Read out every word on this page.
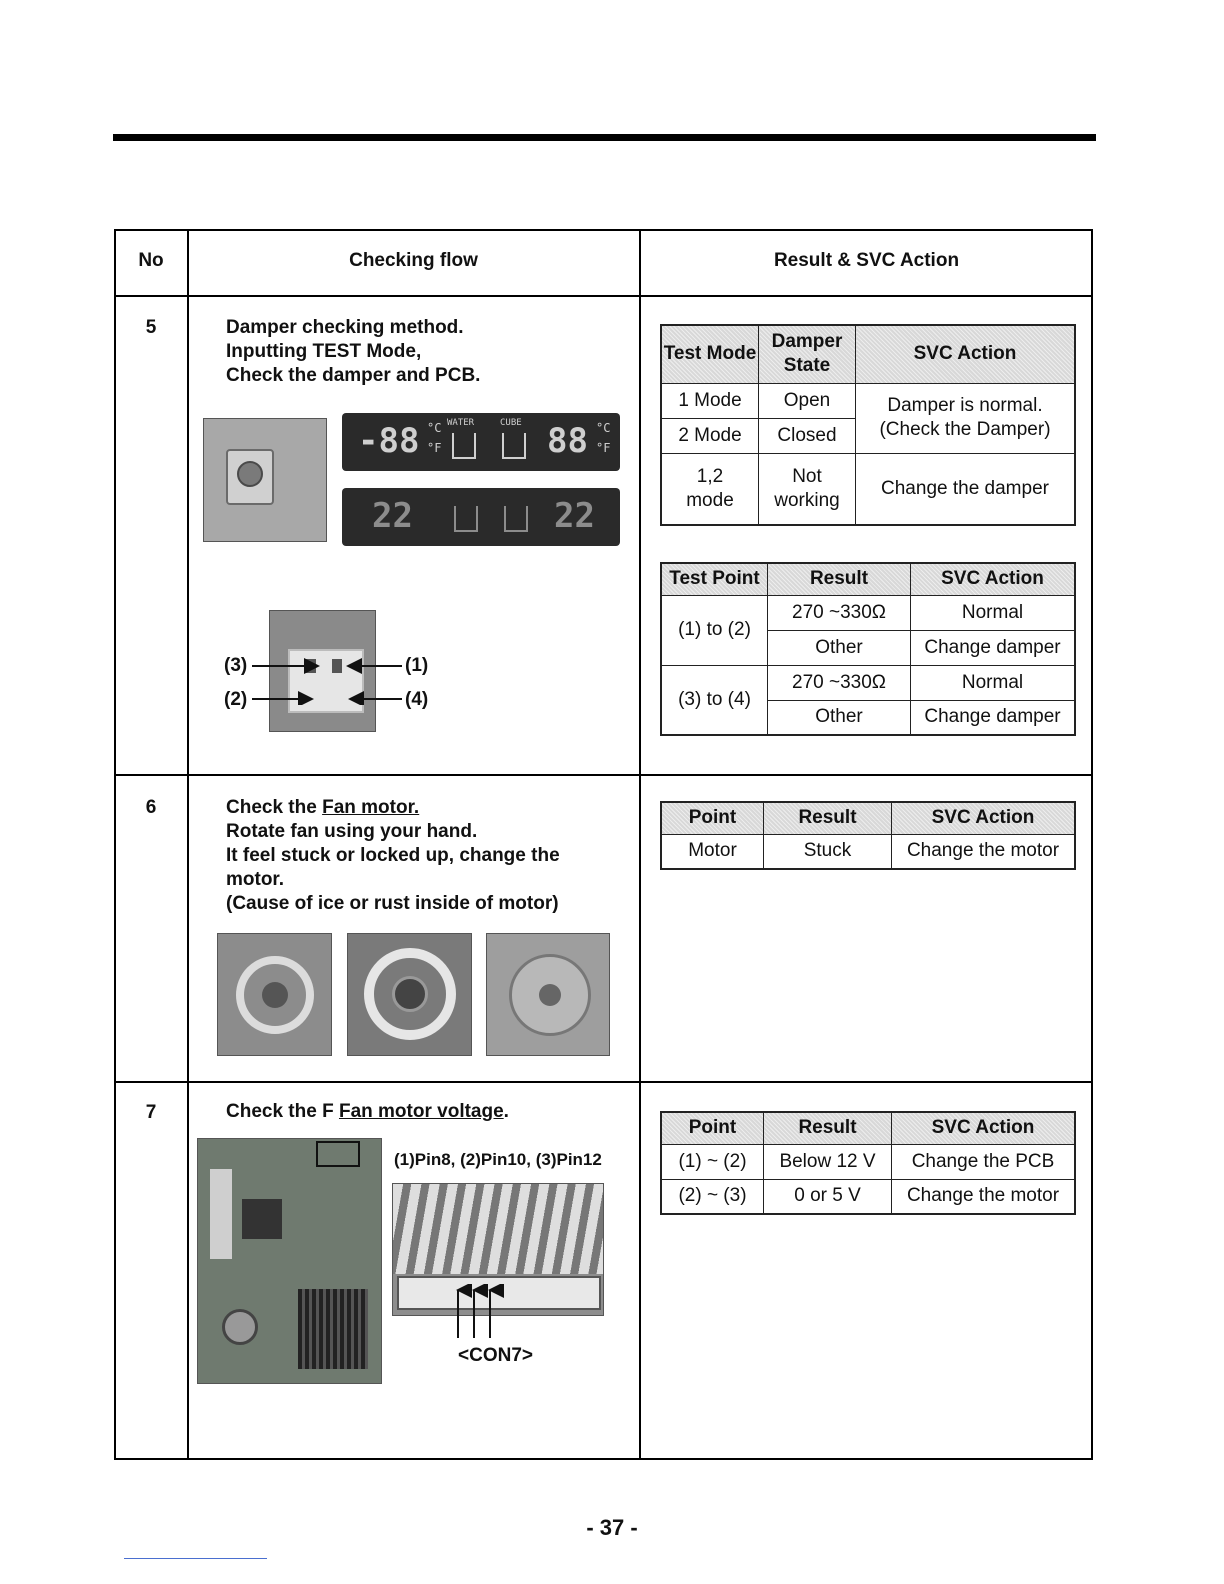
No	Checking flow	Result & SVC Action
5	Damper checking method.
Inputting TEST Mode,
Check the damper and PCB.
-88 °C
°F
WATER	CUBE 88 °C
°F
22	22
(3)	(1)
(2)	(4)
Test Mode	Damper State	SVC Action
1 Mode	Open	Damper is normal. (Check the Damper)
2 Mode	Closed	
1,2 mode	Not working	Change the damper
Test Point	Result	SVC Action
(1) to (2)	270 ~330Ω	Normal
	Other	Change damper
(3) to (4)	270 ~330Ω	Normal
	Other	Change damper
6	Check the Fan motor.
Rotate fan using your hand.
It feel stuck or locked up, change the
motor.
(Cause of ice or rust inside of motor)
Point	Result	SVC Action
Motor	Stuck	Change the motor
7	Check the F Fan motor voltage.
(1)Pin8, (2)Pin10, (3)Pin12
<CON7>
Point	Result	SVC Action
(1) ~ (2)	Below 12 V	Change the PCB
(2) ~ (3)	0 or 5 V	Change the motor
- 37 -
